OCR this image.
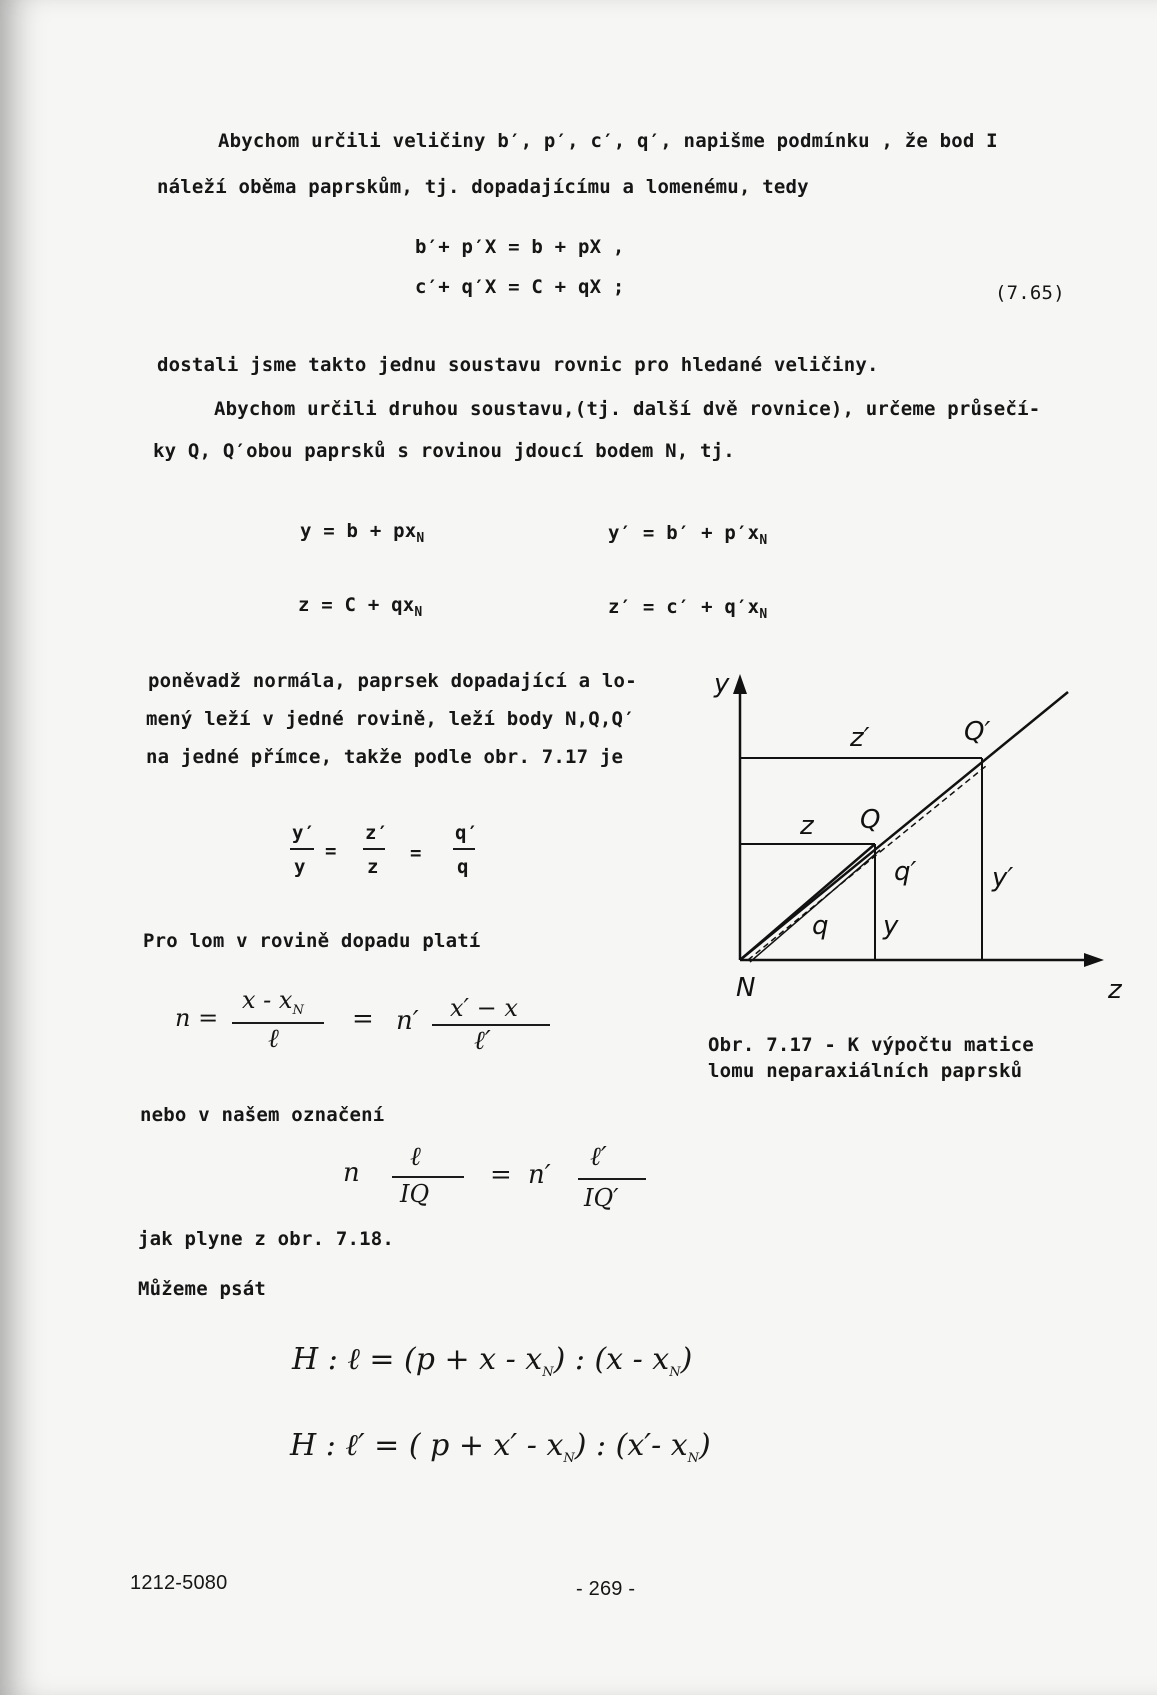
Abychom určili veličiny b′, p′, c′, q′, napišme podmínku , že bod I
náleží oběma paprskům, tj. dopadajícímu a lomenému, tedy
b′+ p′X = b + pX ,
c′+ q′X = C + qX ;	(7.65)
dostali jsme takto jednu soustavu rovnic pro hledané veličiny.
Abychom určili druhou soustavu,(tj. další dvě rovnice), určeme průsečí-
ky Q, Q′obou paprsků s rovinou jdoucí bodem N, tj.
$y = b + px_N$	$y' = b' + p'x_N$
$z = C + qx_N$	$z' = c' + q'x_N$
poněvadž normála, paprsek dopadající a lo-
mený leží v jedné rovině, leží body N,Q,Q′
na jedné přímce, takže podle obr. 7.17 je
y′
y
=
z′
z
=
q′
q
Pro lom v rovině dopadu platí
n =
x - $x_N$
ℓ
= n′ x′ − x
ℓ′
nebo v našem označení
n
ℓ
IQ
= n′
ℓ′
IQ′
jak plyne z obr. 7.18.
Můžeme psát
H : ℓ = $(p + x - x_N)$ : $(x - x_N)$
H : ℓ′ = ( $p + x' - x_N$) : (x′- $x_N$)
y
z
N
Q
Q′
z
z′
y
y′
q
q′
Obr. 7.17 - K výpočtu matice
lomu neparaxiálních paprsků
1212-5080	- 269 -
